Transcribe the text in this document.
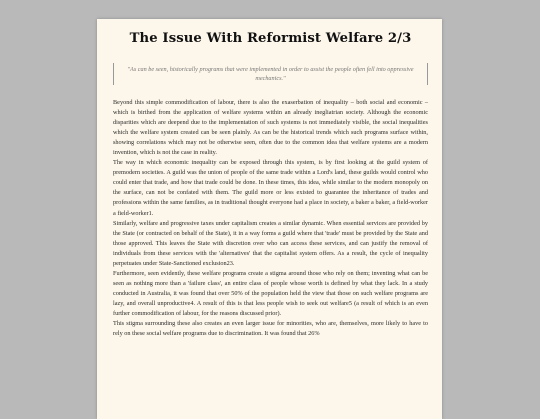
The Issue With Reformist Welfare 2/3
"As can be seen, historically programs that were implemented in order to assist the people often fell into oppressive mechanics."

Beyond this simple commodification of labour, there is also the exaserbation of inequality – both social and economic – which is birthed from the application of welfare systems within an already inegliatrian society. Although the economic disparities which are deepend due to the implementation of such systems is not immediately visible, the social inequalities which the welfare system created can be seen plainly. As can be the historical trends which such programs surface within, showing correlations which may not be otherwise seen, often due to the common idea that welfare systems are a modern invention, which is not the case in reality.

The way in which economic inequality can be exposed through this system, is by first looking at the guild system of premodern societies. A guild was the union of people of the same trade within a Lord's land, these guilds would control who could enter that trade, and how that trade could be done. In these times, this idea, while similar to the modern monopoly on the surface, can not be confated with them. The guild more or less existed to guarantee the inheritance of trades and professions within the same families, as in traditional thought everyone had a place in society, a baker a baker, a field-worker a field-worker1.

Similarly, welfare and progressive taxes under capitalism creates a similar dynamic. When essential services are provided by the State (or contracted on behalf of the State), it in a way forms a guild where that 'trade' must be provided by the State and those approved. This leaves the State with discretion over who can access these services, and can justify the removal of individuals from these services with the 'alternatives' that the capitalist system offers. As a result, the cycle of inequality perpetuates under State-Sanctioned exclusion23.

Furthermore, seen evidently, these welfare programs create a stigma around those who rely on them; inventing what can be seen as nothing more than a 'failure class', an entire class of people whose worth is defined by what they lack. In a study conducted in Australia, it was found that over 50% of the population held the view that those on such welfare programs are lazy, and overall unproductive4. A result of this is that less people wish to seek out welfare5 (a result of which is an even further commodification of labour, for the reasons discussed prior).

This stigma surrounding these also creates an even larger issue for minorities, who are, themselves, more likely to have to rely on these social welfare programs due to discrimination. It was found that 26%
